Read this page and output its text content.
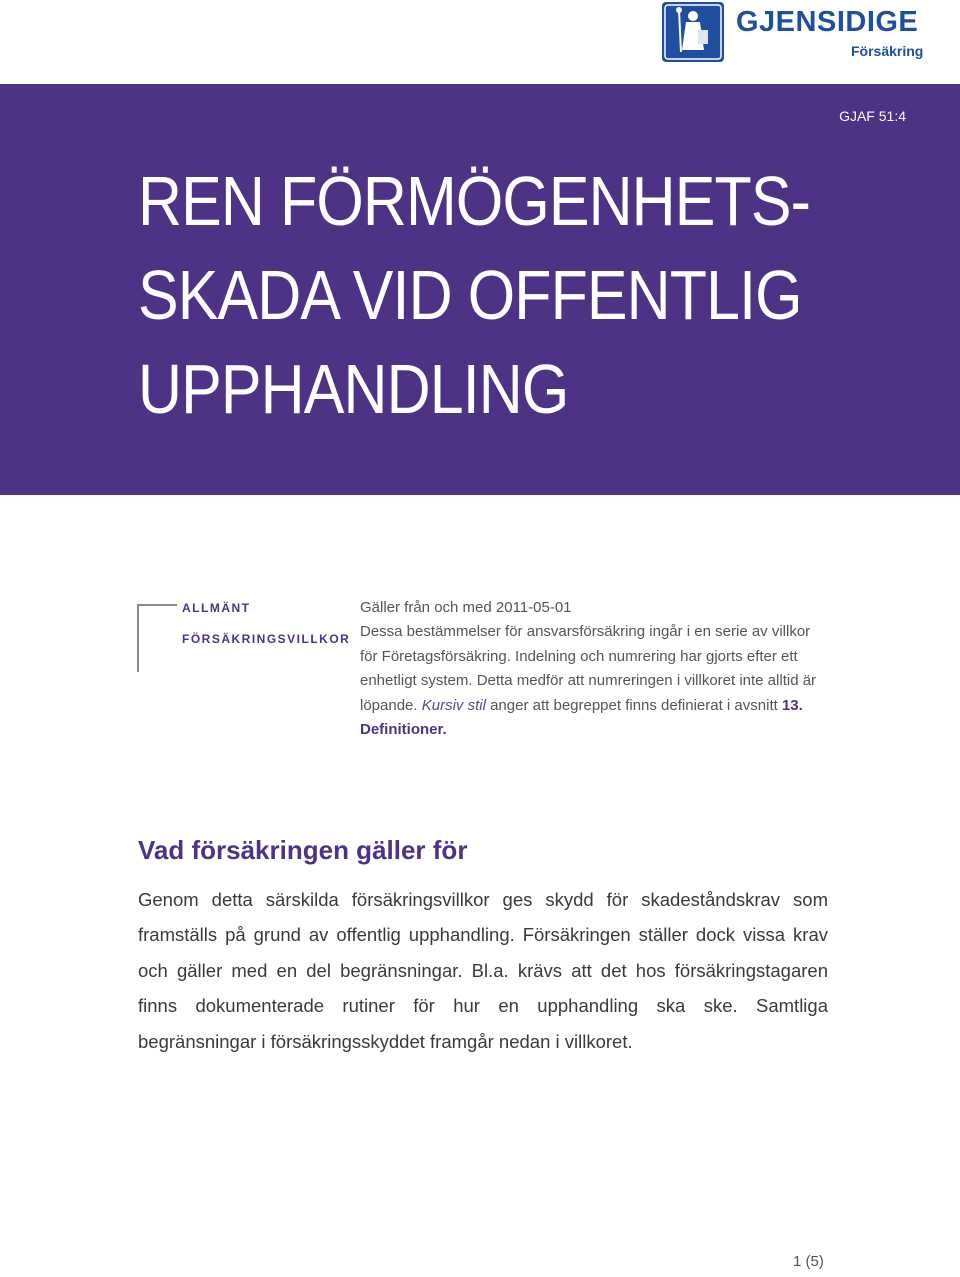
GJENSIDIGE
Försäkring
GJAF 51:4
REN FÖRMÖGENHETS-
SKADA VID OFFENTLIG
UPPHANDLING
ALLMÄNT
FÖRSÄKRINGSVILLKOR

Gäller från och med 2011-05-01

Dessa bestämmelser för ansvarsförsäkring ingår i en serie av villkor för Företagsförsäkring. Indelning och numrering har gjorts efter ett enhetligt system. Detta medför att numreringen i villkoret inte alltid är löpande. Kursiv stil anger att begreppet finns definierat i avsnitt 13. Definitioner.

Vad försäkringen gäller för

Genom detta särskilda försäkringsvillkor ges skydd för skadeståndskrav som framställs på grund av offentlig upphandling. Försäkringen ställer dock vissa krav och gäller med en del begränsningar. Bl.a. krävs att det hos försäkringstagaren finns dokumenterade rutiner för hur en upphandling ska ske. Samtliga begränsningar i försäkringsskyddet framgår nedan i villkoret.

1 (5)
